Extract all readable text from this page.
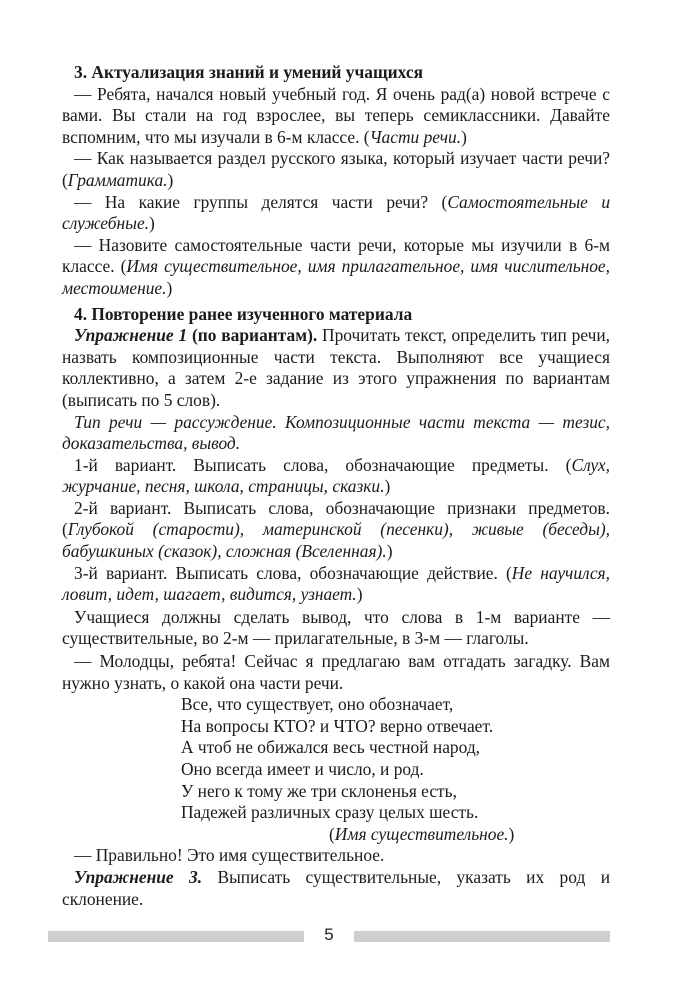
3. Актуализация знаний и умений учащихся

— Ребята, начался новый учебный год. Я очень рад(а) новой встрече с вами. Вы стали на год взрослее, вы теперь семиклассники. Давайте вспомним, что мы изучали в 6-м классе. (Части речи.)

— Как называется раздел русского языка, который изучает части речи? (Грамматика.)

— На какие группы делятся части речи? (Самостоятельные и служебные.)

— Назовите самостоятельные части речи, которые мы изучили в 6-м классе. (Имя существительное, имя прилагательное, имя числительное, местоимение.)

4. Повторение ранее изученного материала

Упражнение 1 (по вариантам). Прочитать текст, определить тип речи, назвать композиционные части текста. Выполняют все учащиеся коллективно, а затем 2-е задание из этого упражнения по вариантам (выписать по 5 слов).

Тип речи — рассуждение. Композиционные части текста — тезис, доказательства, вывод.

1-й вариант. Выписать слова, обозначающие предметы. (Слух, журчание, песня, школа, страницы, сказки.)

2-й вариант. Выписать слова, обозначающие признаки предметов. (Глубокой (старости), материнской (песенки), живые (беседы), бабушкиных (сказок), сложная (Вселенная).)

3-й вариант. Выписать слова, обозначающие действие. (Не научился, ловит, идет, шагает, видится, узнает.)

Учащиеся должны сделать вывод, что слова в 1-м варианте — существительные, во 2-м — прилагательные, в 3-м — глаголы.

— Молодцы, ребята! Сейчас я предлагаю вам отгадать загадку. Вам нужно узнать, о какой она части речи.

Все, что существует, оно обозначает,
На вопросы КТО? и ЧТО? верно отвечает.
А чтоб не обижался весь честной народ,
Оно всегда имеет и число, и род.
У него к тому же три склоненья есть,
Падежей различных сразу целых шесть.
(Имя существительное.)

— Правильно! Это имя существительное.

Упражнение 3. Выписать существительные, указать их род и склонение.

5
